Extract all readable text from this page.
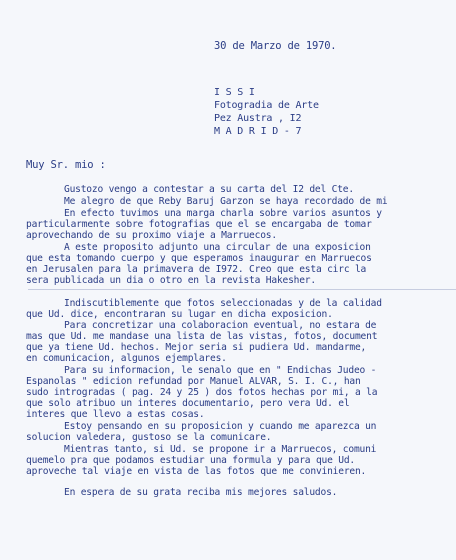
30 de Marzo de 1970.
I S S I
Fotogradia de Arte
Pez Austra , I2
M A D R I D - 7
Muy Sr. mio :
Gustozo vengo a contestar a su carta del I2 del Cte.
Me alegro de que Reby Baruj Garzon se haya recordado de mi
En efecto tuvimos una marga charla sobre varios asuntos y
particularmente sobre fotografias que el se encargaba de tomar
aprovechando de su proximo viaje a Marruecos.
A este proposito adjunto una circular de una exposicion
que esta tomando cuerpo y que esperamos inaugurar en Marruecos
en Jerusalen para la primavera de I972. Creo que esta circ la
sera publicada un dia o otro en la revista Hakesher.
Indiscutiblemente que fotos seleccionadas y de la calidad
que Ud. dice, encontraran su lugar en dicha exposicion.
Para concretizar una colaboracion eventual, no estara de
mas que Ud. me mandase una lista de las vistas, fotos, document
que ya tiene Ud. hechos. Mejor seria si pudiera Ud. mandarme,
en comunicacion, algunos ejemplares.
Para su informacion, le senalo que en " Endichas Judeo -
Espanolas " edicion refundad por Manuel ALVAR, S. I. C., han
sudo introgradas ( pag. 24 y 25 ) dos fotos hechas por mi, a la
que solo atribuo un interes documentario, pero vera Ud. el
interes que llevo a estas cosas.
Estoy pensando en su proposicion y cuando me aparezca un
solucion valedera, gustoso se la comunicare.
Mientras tanto, si Ud. se propone ir a Marruecos, comuni
quemelo pra que podamos estudiar una formula y para que Ud.
aproveche tal viaje en vista de las fotos que me convinieren.
En espera de su grata reciba mis mejores saludos.
